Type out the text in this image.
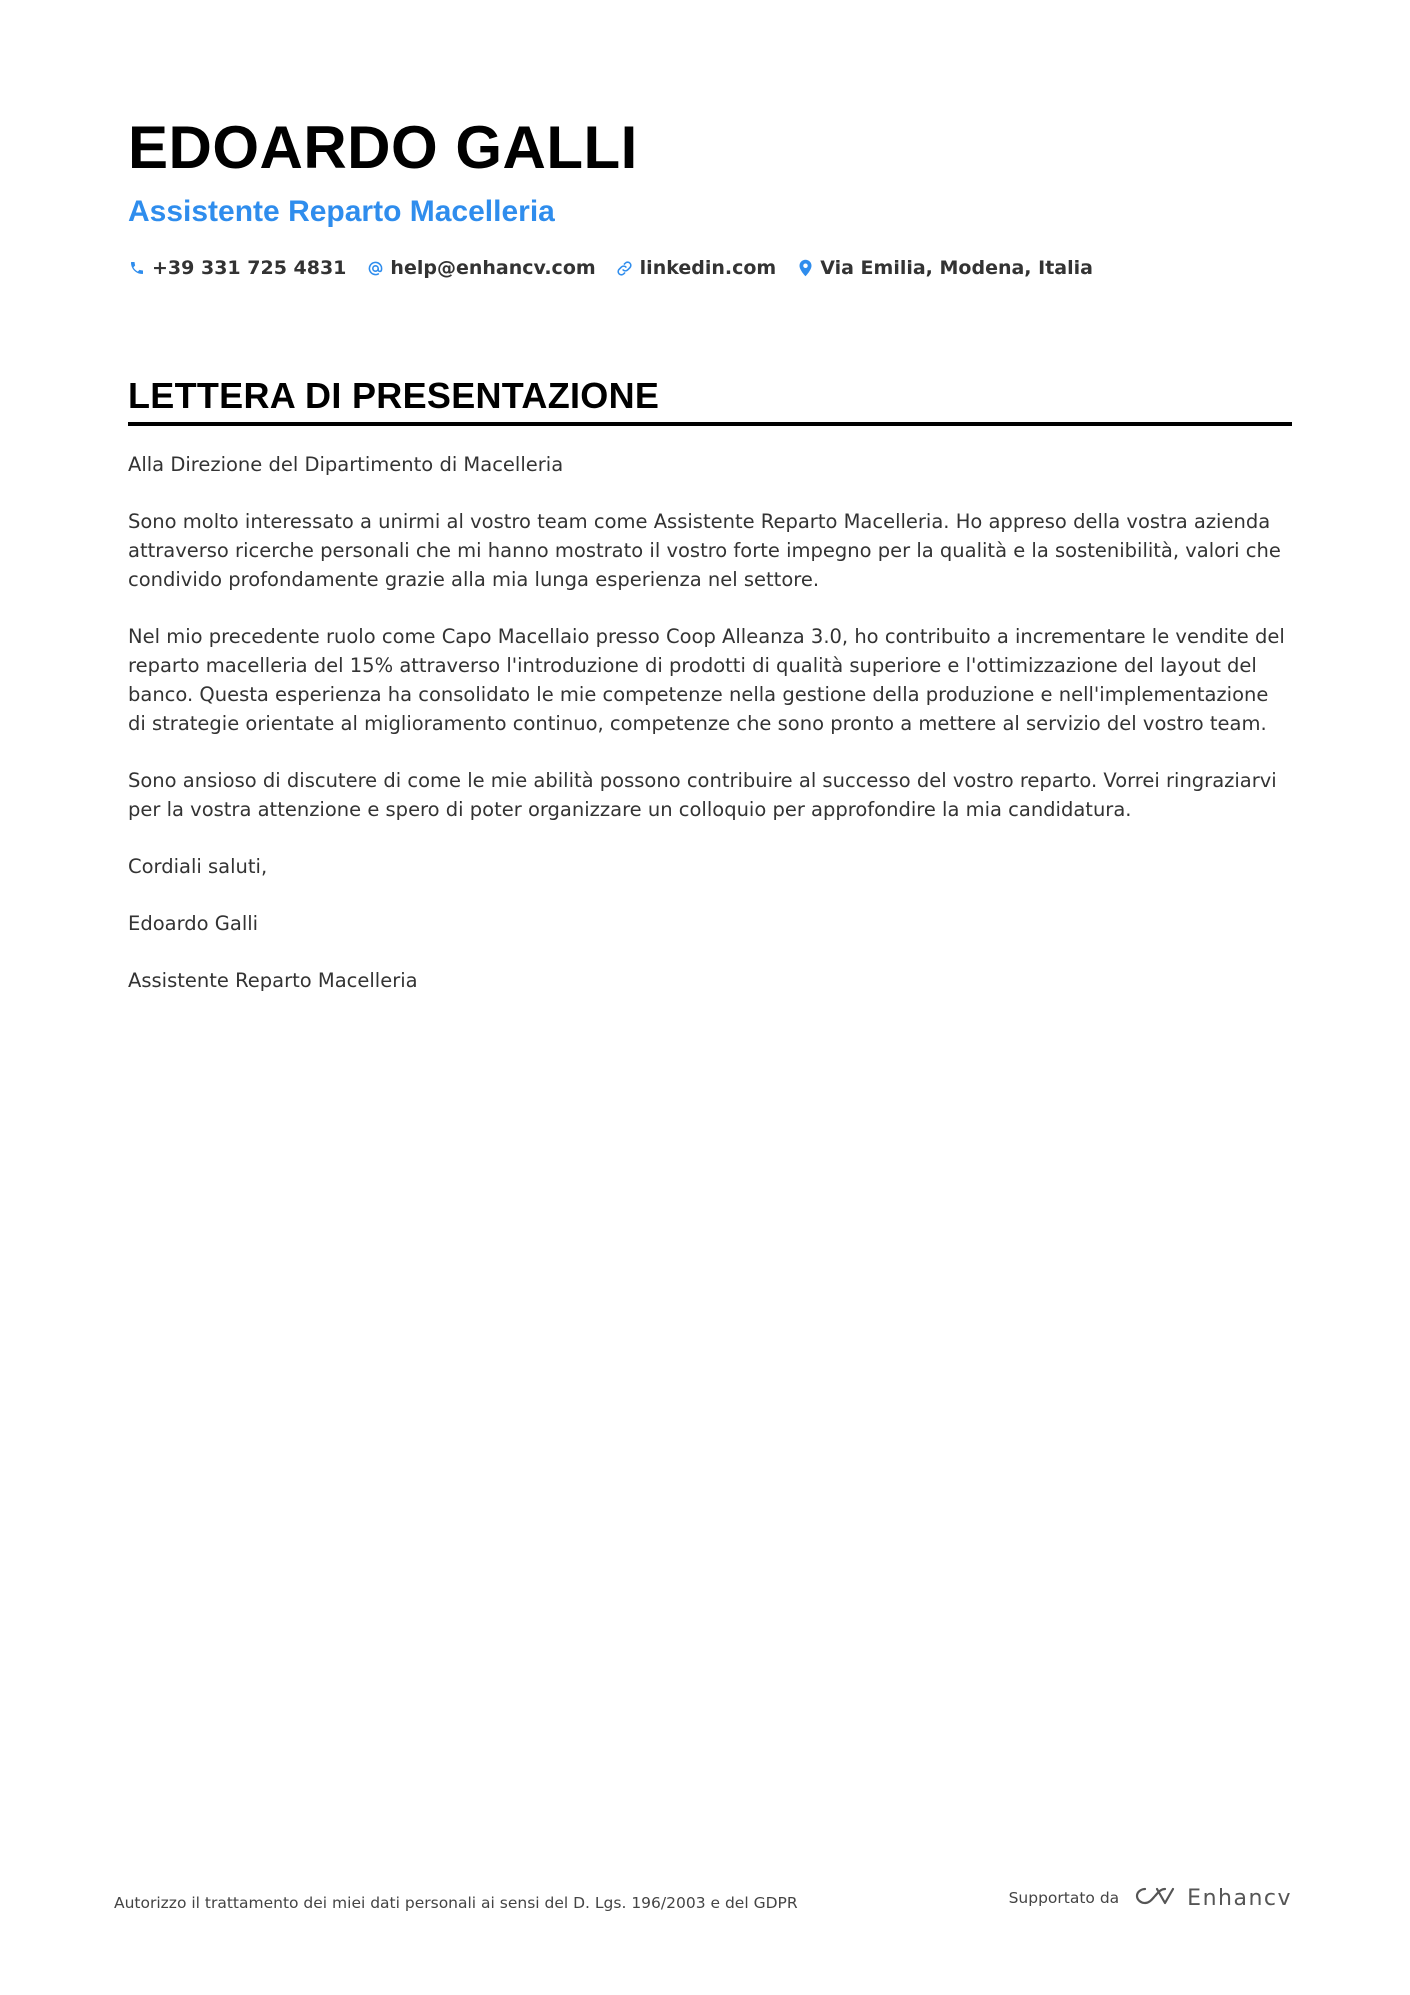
EDOARDO GALLI
Assistente Reparto Macelleria
+39 331 725 4831 help@enhancv.com linkedin.com Via Emilia, Modena, Italia
LETTERA DI PRESENTAZIONE

Alla Direzione del Dipartimento di Macelleria

Sono molto interessato a unirmi al vostro team come Assistente Reparto Macelleria. Ho appreso della vostra azienda attraverso ricerche personali che mi hanno mostrato il vostro forte impegno per la qualità e la sostenibilità, valori che condivido profondamente grazie alla mia lunga esperienza nel settore.

Nel mio precedente ruolo come Capo Macellaio presso Coop Alleanza 3.0, ho contribuito a incrementare le vendite del reparto macelleria del 15% attraverso l'introduzione di prodotti di qualità superiore e l'ottimizzazione del layout del banco. Questa esperienza ha consolidato le mie competenze nella gestione della produzione e nell'implementazione di strategie orientate al miglioramento continuo, competenze che sono pronto a mettere al servizio del vostro team.

Sono ansioso di discutere di come le mie abilità possono contribuire al successo del vostro reparto. Vorrei ringraziarvi per la vostra attenzione e spero di poter organizzare un colloquio per approfondire la mia candidatura.

Cordiali saluti,

Edoardo Galli

Assistente Reparto Macelleria

Autorizzo il trattamento dei miei dati personali ai sensi del D. Lgs. 196/2003 e del GDPR	Supportato da	Enhancv
